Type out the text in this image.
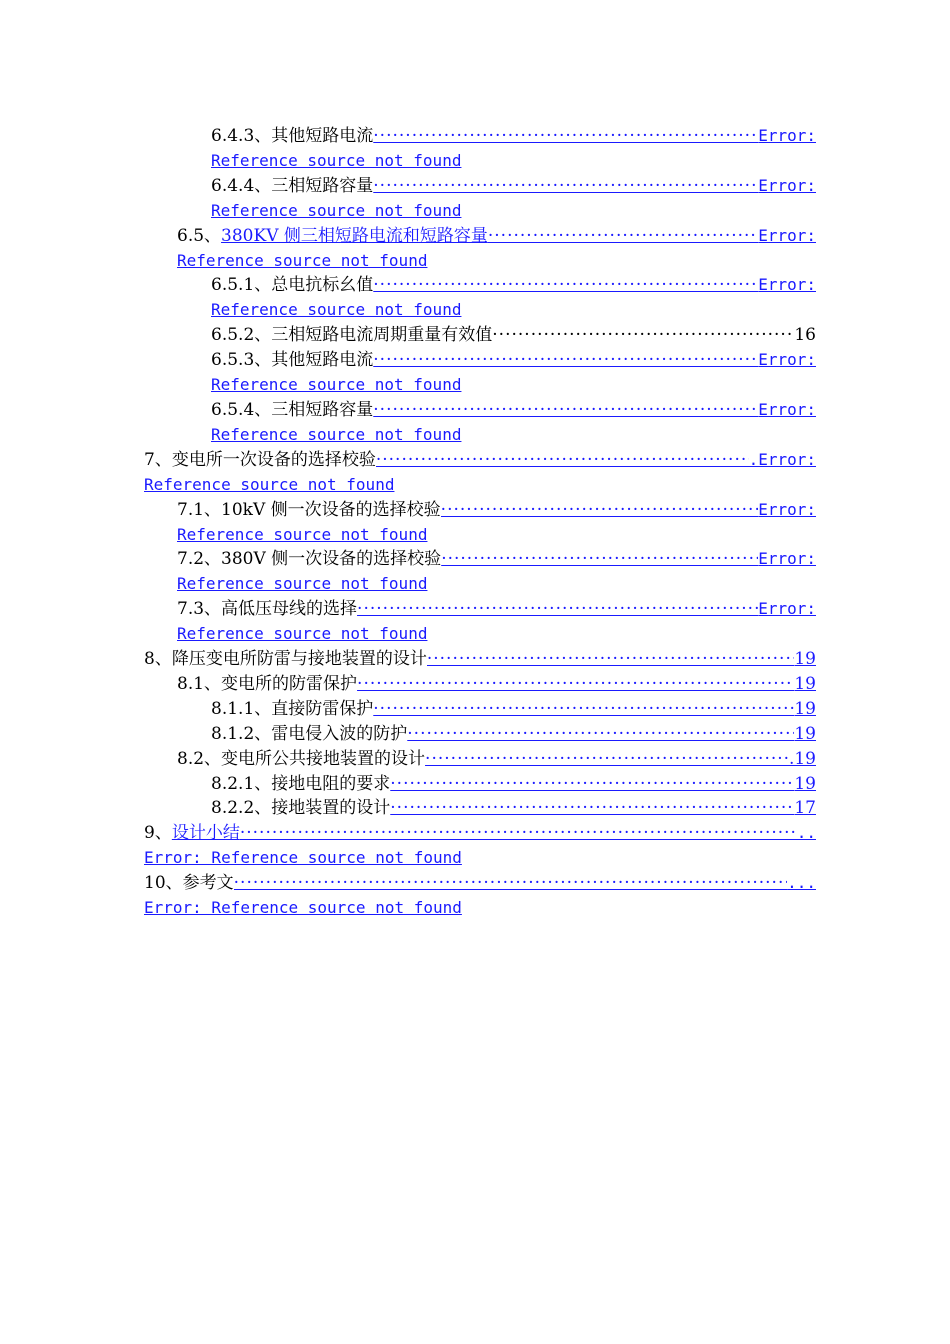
6.4.3、 其他短路电流 ·····	Error:
Reference source not found
6.4.4、 三相短路容量 ·····	Error:
Reference source not found
6.5、 380KV 侧三相短路电流和短路容量 ·····	Error:
Reference source not found
6.5.1、 总电抗标幺值 ·····	Error:
Reference source not found
6.5.2、 三相短路电流周期重量有效值 ·····	16
6.5.3、 其他短路电流 ·····	Error:
Reference source not found
6.5.4、 三相短路容量 ·····	Error:
Reference source not found
7、 变电所一次设备的选择校验 ·····	.Error:
Reference source not found
7.1、 10kV 侧一次设备的选择校验 ·····	Error:
Reference source not found
7.2、 380V 侧一次设备的选择校验 ·····	Error:
Reference source not found
7.3、 高低压母线的选择 ·····	Error:
Reference source not found
8、 降压变电所防雷与接地装置的设计 ·····	19
8.1、 变电所的防雷保护 ·····	19
8.1.1、 直接防雷保护 ·····	19
8.1.2、 雷电侵入波的防护 ·····	19
8.2、 变电所公共接地装置的设计 ·····	.19
8.2.1、 接地电阻的要求 ·····	19
8.2.2、 接地装置的设计 ·····	17
9、 设计小结 ·····	..
Error: Reference source not found
10、 参考文 ·····	...
Error: Reference source not found
